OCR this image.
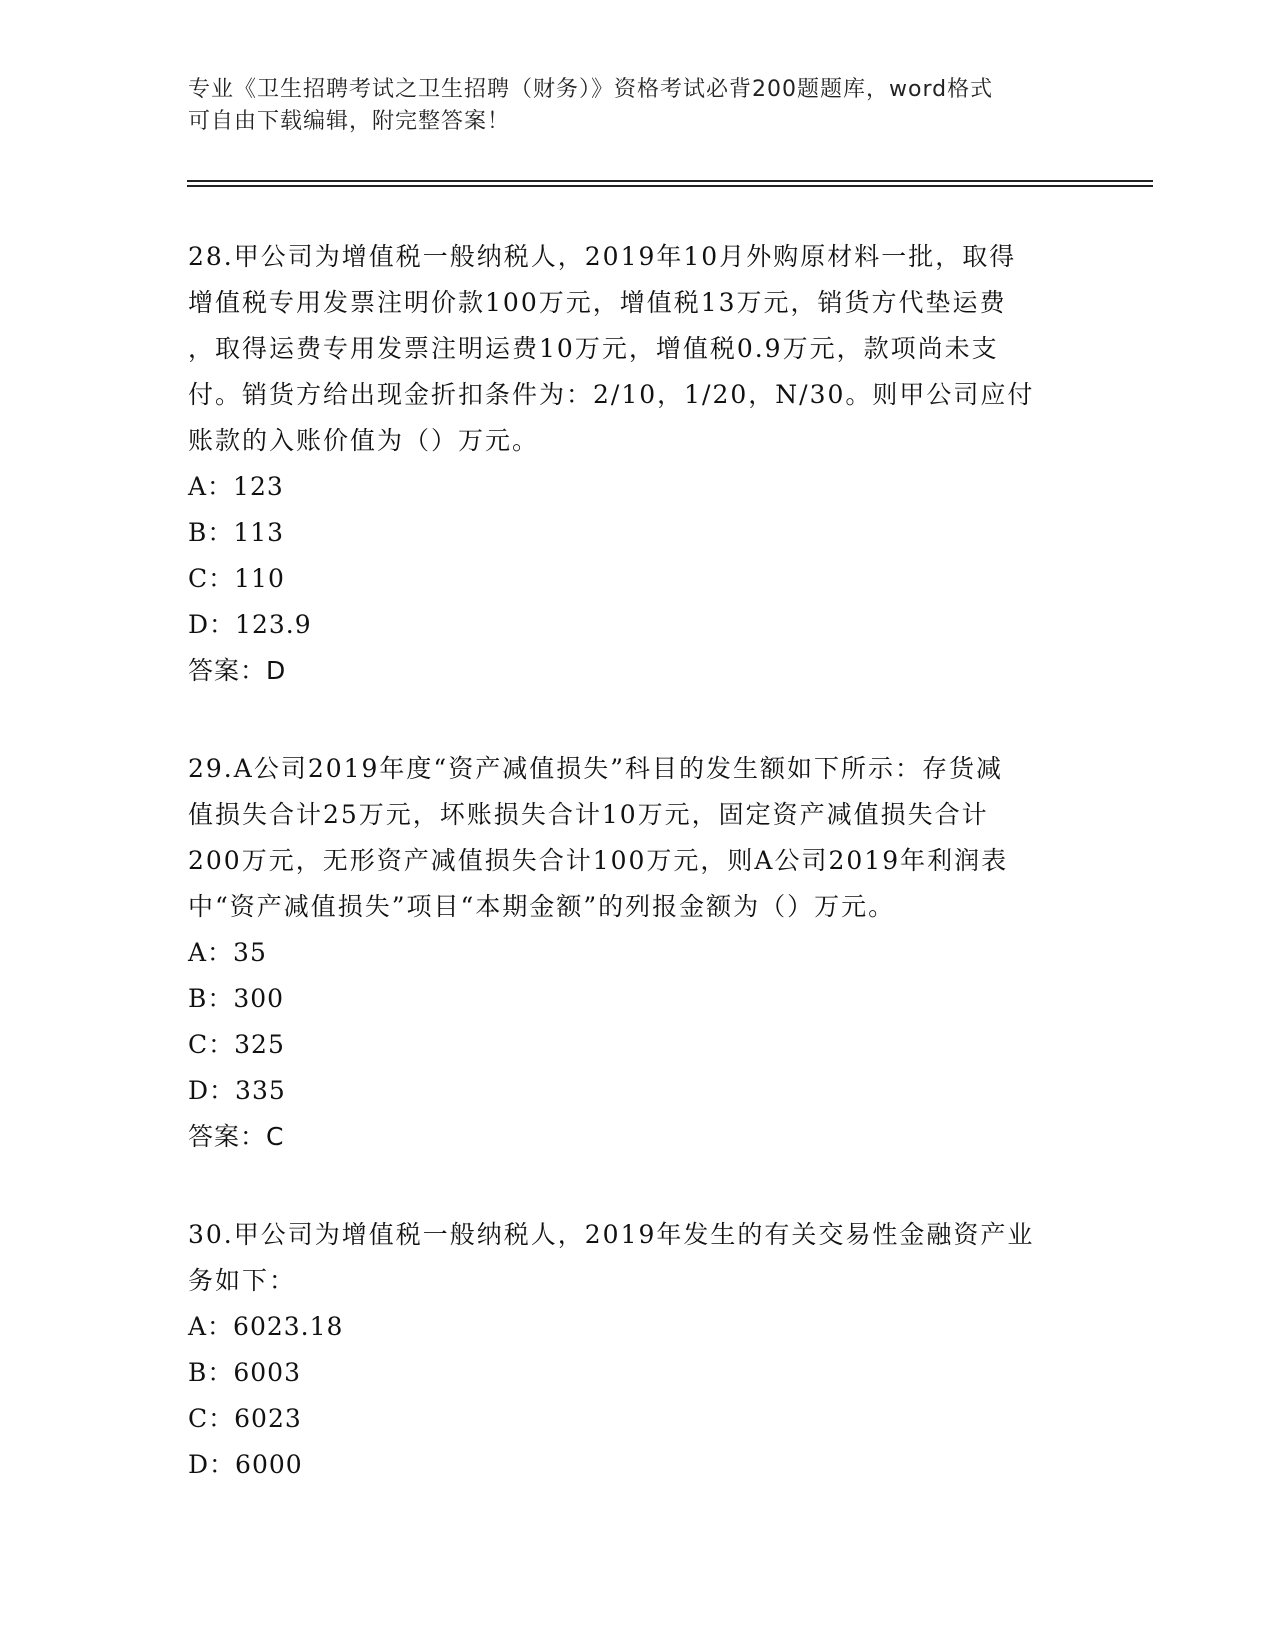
专业《卫生招聘考试之卫生招聘（财务）》资格考试必背200题题库，word格式
可自由下载编辑，附完整答案！
28.甲公司为增值税一般纳税人，2019年10月外购原材料一批，取得
增值税专用发票注明价款100万元，增值税13万元，销货方代垫运费
，取得运费专用发票注明运费10万元，增值税0.9万元，款项尚未支
付。销货方给出现金折扣条件为：2/10，1/20，N/30。则甲公司应付
账款的入账价值为（）万元。
A：123
B：113
C：110
D：123.9
答案：D
29.A公司2019年度“资产减值损失”科目的发生额如下所示：存货减
值损失合计25万元，坏账损失合计10万元，固定资产减值损失合计
200万元，无形资产减值损失合计100万元，则A公司2019年利润表
中“资产减值损失”项目“本期金额”的列报金额为（）万元。
A：35
B：300
C：325
D：335
答案：C
30.甲公司为增值税一般纳税人，2019年发生的有关交易性金融资产业
务如下：
A：6023.18
B：6003
C：6023
D：6000
